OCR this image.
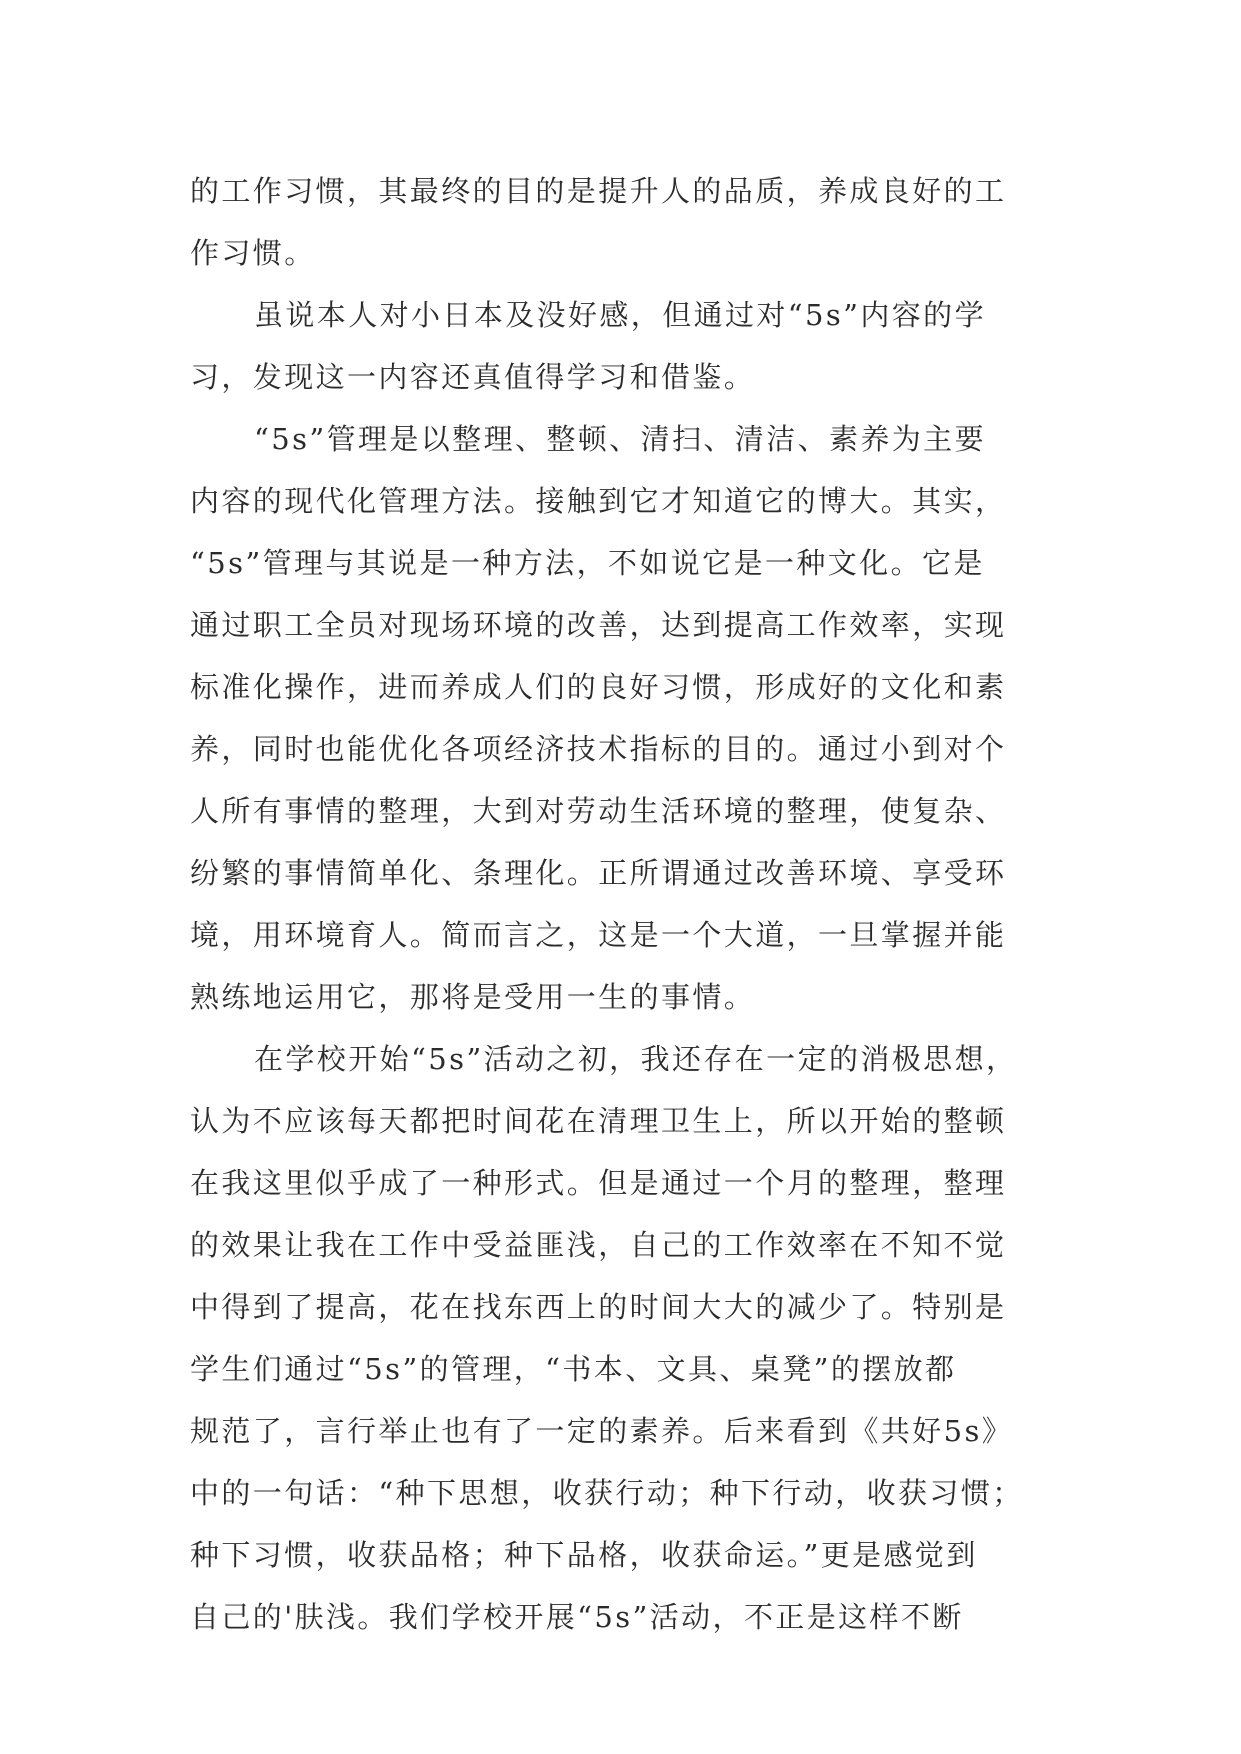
的工作习惯，其最终的目的是提升人的品质，养成良好的工
作习惯。
虽说本人对小日本及没好感，但通过对“5s”内容的学
习，发现这一内容还真值得学习和借鉴。
“5s”管理是以整理、整顿、清扫、清洁、素养为主要
内容的现代化管理方法。接触到它才知道它的博大。其实，
“5s”管理与其说是一种方法，不如说它是一种文化。它是
通过职工全员对现场环境的改善，达到提高工作效率，实现
标准化操作，进而养成人们的良好习惯，形成好的文化和素
养，同时也能优化各项经济技术指标的目的。通过小到对个
人所有事情的整理，大到对劳动生活环境的整理，使复杂、
纷繁的事情简单化、条理化。正所谓通过改善环境、享受环
境，用环境育人。简而言之，这是一个大道，一旦掌握并能
熟练地运用它，那将是受用一生的事情。
在学校开始“5s”活动之初，我还存在一定的消极思想，
认为不应该每天都把时间花在清理卫生上，所以开始的整顿
在我这里似乎成了一种形式。但是通过一个月的整理，整理
的效果让我在工作中受益匪浅，自己的工作效率在不知不觉
中得到了提高，花在找东西上的时间大大的减少了。特别是
学生们通过“5s”的管理，“书本、文具、桌凳”的摆放都
规范了，言行举止也有了一定的素养。后来看到《共好5s》
中的一句话：“种下思想，收获行动；种下行动，收获习惯；
种下习惯，收获品格；种下品格，收获命运。”更是感觉到
自己的'肤浅。我们学校开展“5s”活动，不正是这样不断
